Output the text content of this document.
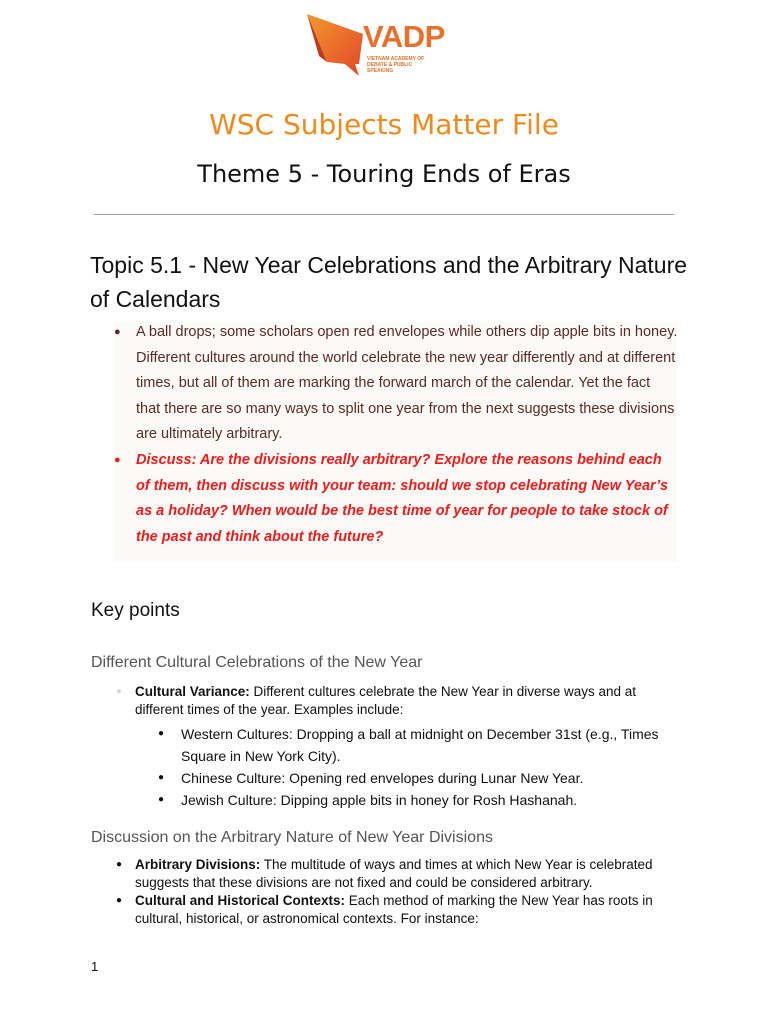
VADP
VIETNAM ACADEMY OF DEBATE & PUBLIC SPEAKING
WSC Subjects Matter File
Theme 5 - Touring Ends of Eras
Topic 5.1 - New Year Celebrations and the Arbitrary Nature of Calendars
● A ball drops; some scholars open red envelopes while others dip apple bits in honey. Different cultures around the world celebrate the new year differently and at different times, but all of them are marking the forward march of the calendar. Yet the fact that there are so many ways to split one year from the next suggests these divisions are ultimately arbitrary.
● Discuss: Are the divisions really arbitrary? Explore the reasons behind each of them, then discuss with your team: should we stop celebrating New Year’s as a holiday? When would be the best time of year for people to take stock of the past and think about the future?
Key points
Different Cultural Celebrations of the New Year
● Cultural Variance: Different cultures celebrate the New Year in diverse ways and at different times of the year. Examples include:
● Western Cultures: Dropping a ball at midnight on December 31st (e.g., Times Square in New York City).
● Chinese Culture: Opening red envelopes during Lunar New Year.
● Jewish Culture: Dipping apple bits in honey for Rosh Hashanah.
Discussion on the Arbitrary Nature of New Year Divisions
● Arbitrary Divisions: The multitude of ways and times at which New Year is celebrated suggests that these divisions are not fixed and could be considered arbitrary.
● Cultural and Historical Contexts: Each method of marking the New Year has roots in cultural, historical, or astronomical contexts. For instance:
1
